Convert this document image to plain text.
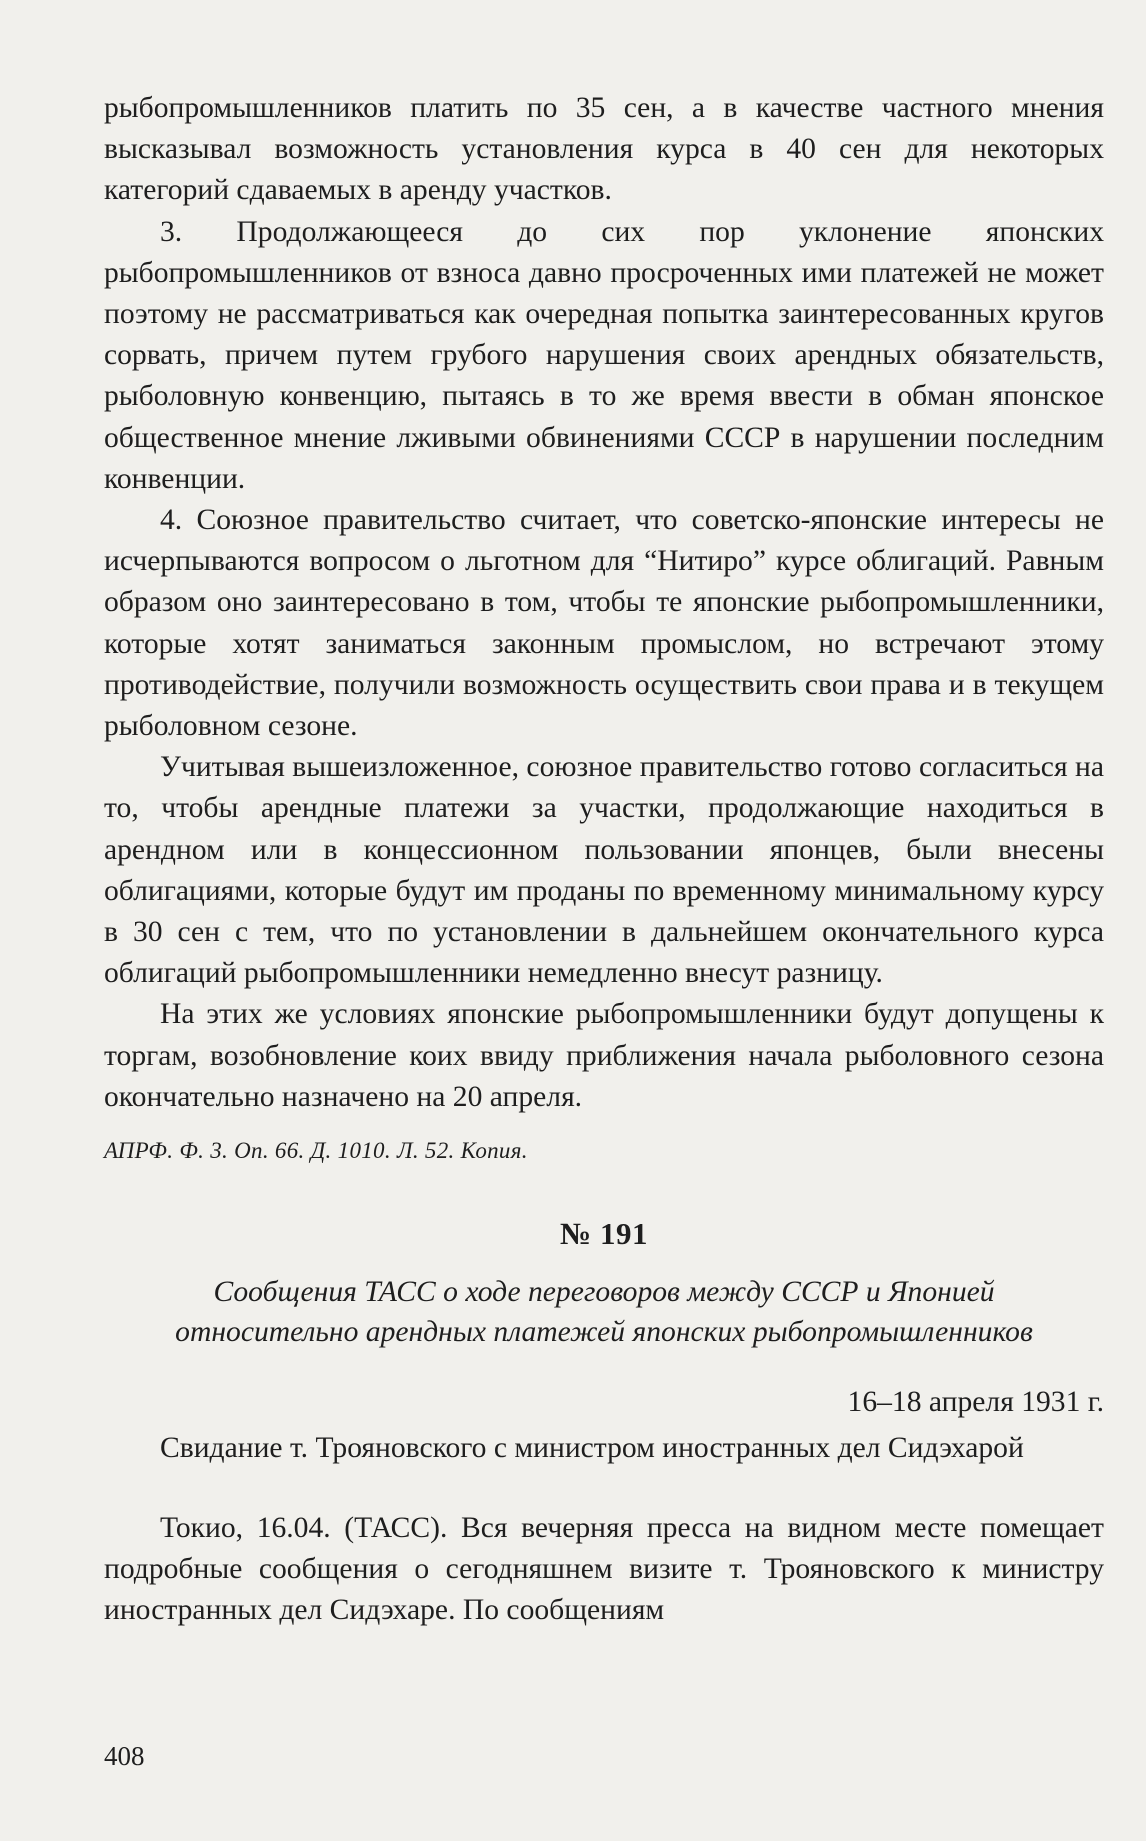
рыбопромышленников платить по 35 сен, а в качестве частного мнения высказывал возможность установления курса в 40 сен для некоторых категорий сдаваемых в аренду участков.

3. Продолжающееся до сих пор уклонение японских рыбопромышленников от взноса давно просроченных ими платежей не может поэтому не рассматриваться как очередная попытка заинтересованных кругов сорвать, причем путем грубого нарушения своих арендных обязательств, рыболовную конвенцию, пытаясь в то же время ввести в обман японское общественное мнение лживыми обвинениями СССР в нарушении последним конвенции.

4. Союзное правительство считает, что советско-японские интересы не исчерпываются вопросом о льготном для “Нитиро” курсе облигаций. Равным образом оно заинтересовано в том, чтобы те японские рыбопромышленники, которые хотят заниматься законным промыслом, но встречают этому противодействие, получили возможность осуществить свои права и в текущем рыболовном сезоне.

Учитывая вышеизложенное, союзное правительство готово согласиться на то, чтобы арендные платежи за участки, продолжающие находиться в арендном или в концессионном пользовании японцев, были внесены облигациями, которые будут им проданы по временному минимальному курсу в 30 сен с тем, что по установлении в дальнейшем окончательного курса облигаций рыбопромышленники немедленно внесут разницу.

На этих же условиях японские рыбопромышленники будут допущены к торгам, возобновление коих ввиду приближения начала рыболовного сезона окончательно назначено на 20 апреля.

АПРФ. Ф. 3. Оп. 66. Д. 1010. Л. 52. Копия.

№ 191

Сообщения ТАСС о ходе переговоров между СССР и Японией относительно арендных платежей японских рыбопромышленников

16–18 апреля 1931 г.

Свидание т. Трояновского с министром иностранных дел Сидэхарой

Токио, 16.04. (ТАСС). Вся вечерняя пресса на видном месте помещает подробные сообщения о сегодняшнем визите т. Трояновского к министру иностранных дел Сидэхаре. По сообщениям

408
